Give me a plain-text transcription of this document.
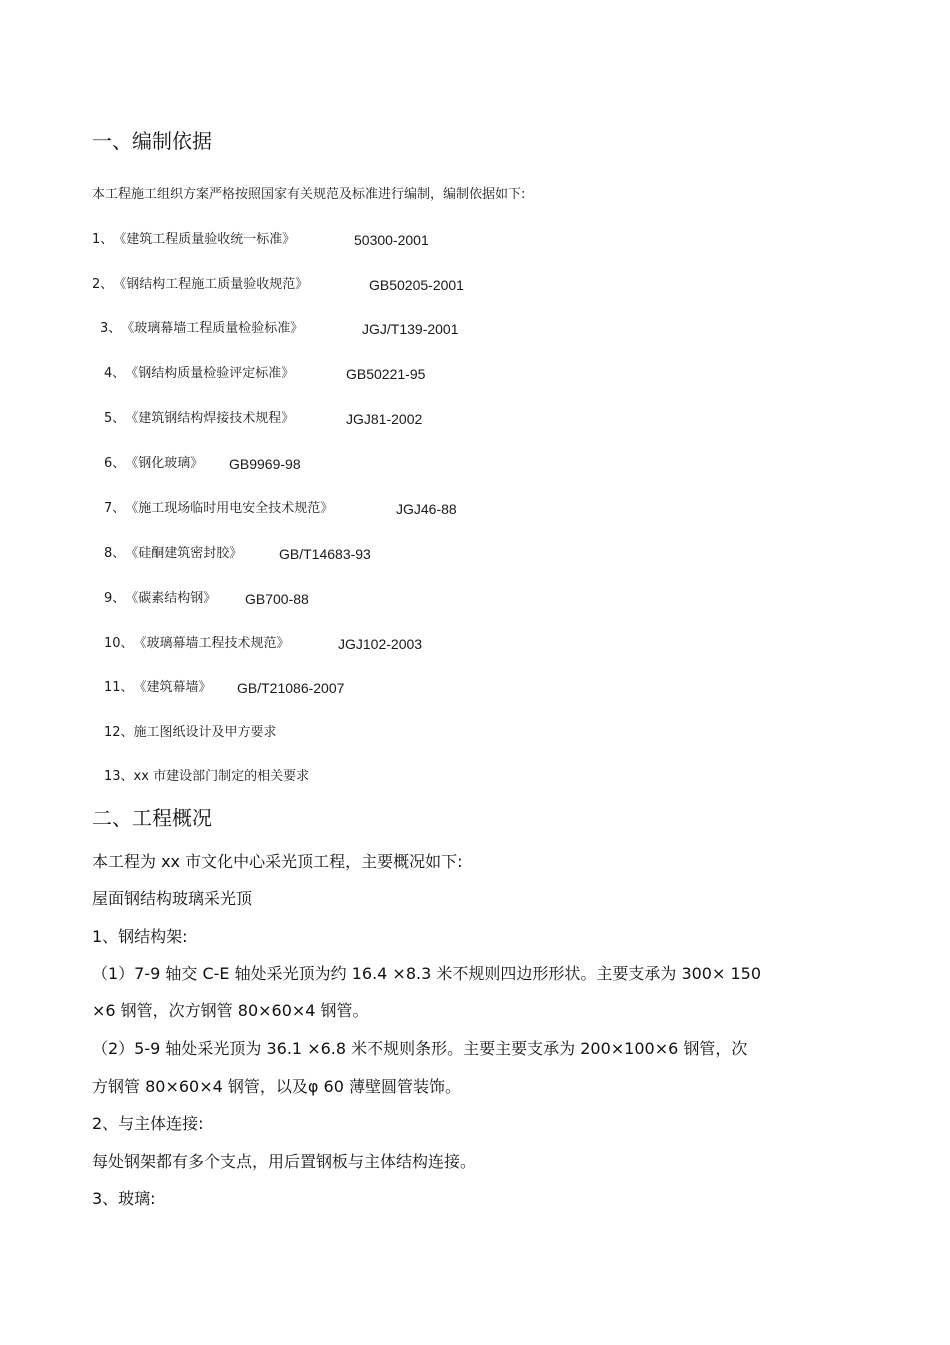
一、编制依据
本工程施工组织方案严格按照国家有关规范及标准进行编制，编制依据如下:
1、《建筑工程质量验收统一标准》	50300-2001
2、《钢结构工程施工质量验收规范》	GB50205-2001
3、《玻璃幕墙工程质量检验标准》	JGJ/T139-2001
4、《钢结构质量检验评定标准》	GB50221-95
5、《建筑钢结构焊接技术规程》	JGJ81-2002
6、《钢化玻璃》 GB9969-98
7、《施工现场临时用电安全技术规范》	JGJ46-88
8、《硅酮建筑密封胶》	GB/T14683-93
9、《碳素结构钢》 GB700-88
10、《玻璃幕墙工程技术规范》	JGJ102-2003
11、《建筑幕墙》 GB/T21086-2007
12、施工图纸设计及甲方要求
13、xx 市建设部门制定的相关要求
二、工程概况
本工程为 xx 市文化中心采光顶工程，主要概况如下:
屋面钢结构玻璃采光顶
1、钢结构架:
（1）7-9 轴交 C-E 轴处采光顶为约 16.4 ×8.3 米不规则四边形形状。主要支承为 300× 150
×6 钢管，次方钢管 80×60×4 钢管。
（2）5-9 轴处采光顶为 36.1 ×6.8 米不规则条形。主要主要支承为 200×100×6 钢管，次
方钢管 80×60×4 钢管，以及φ 60 薄壁圆管装饰。
2、与主体连接:
每处钢架都有多个支点，用后置钢板与主体结构连接。
3、玻璃:
